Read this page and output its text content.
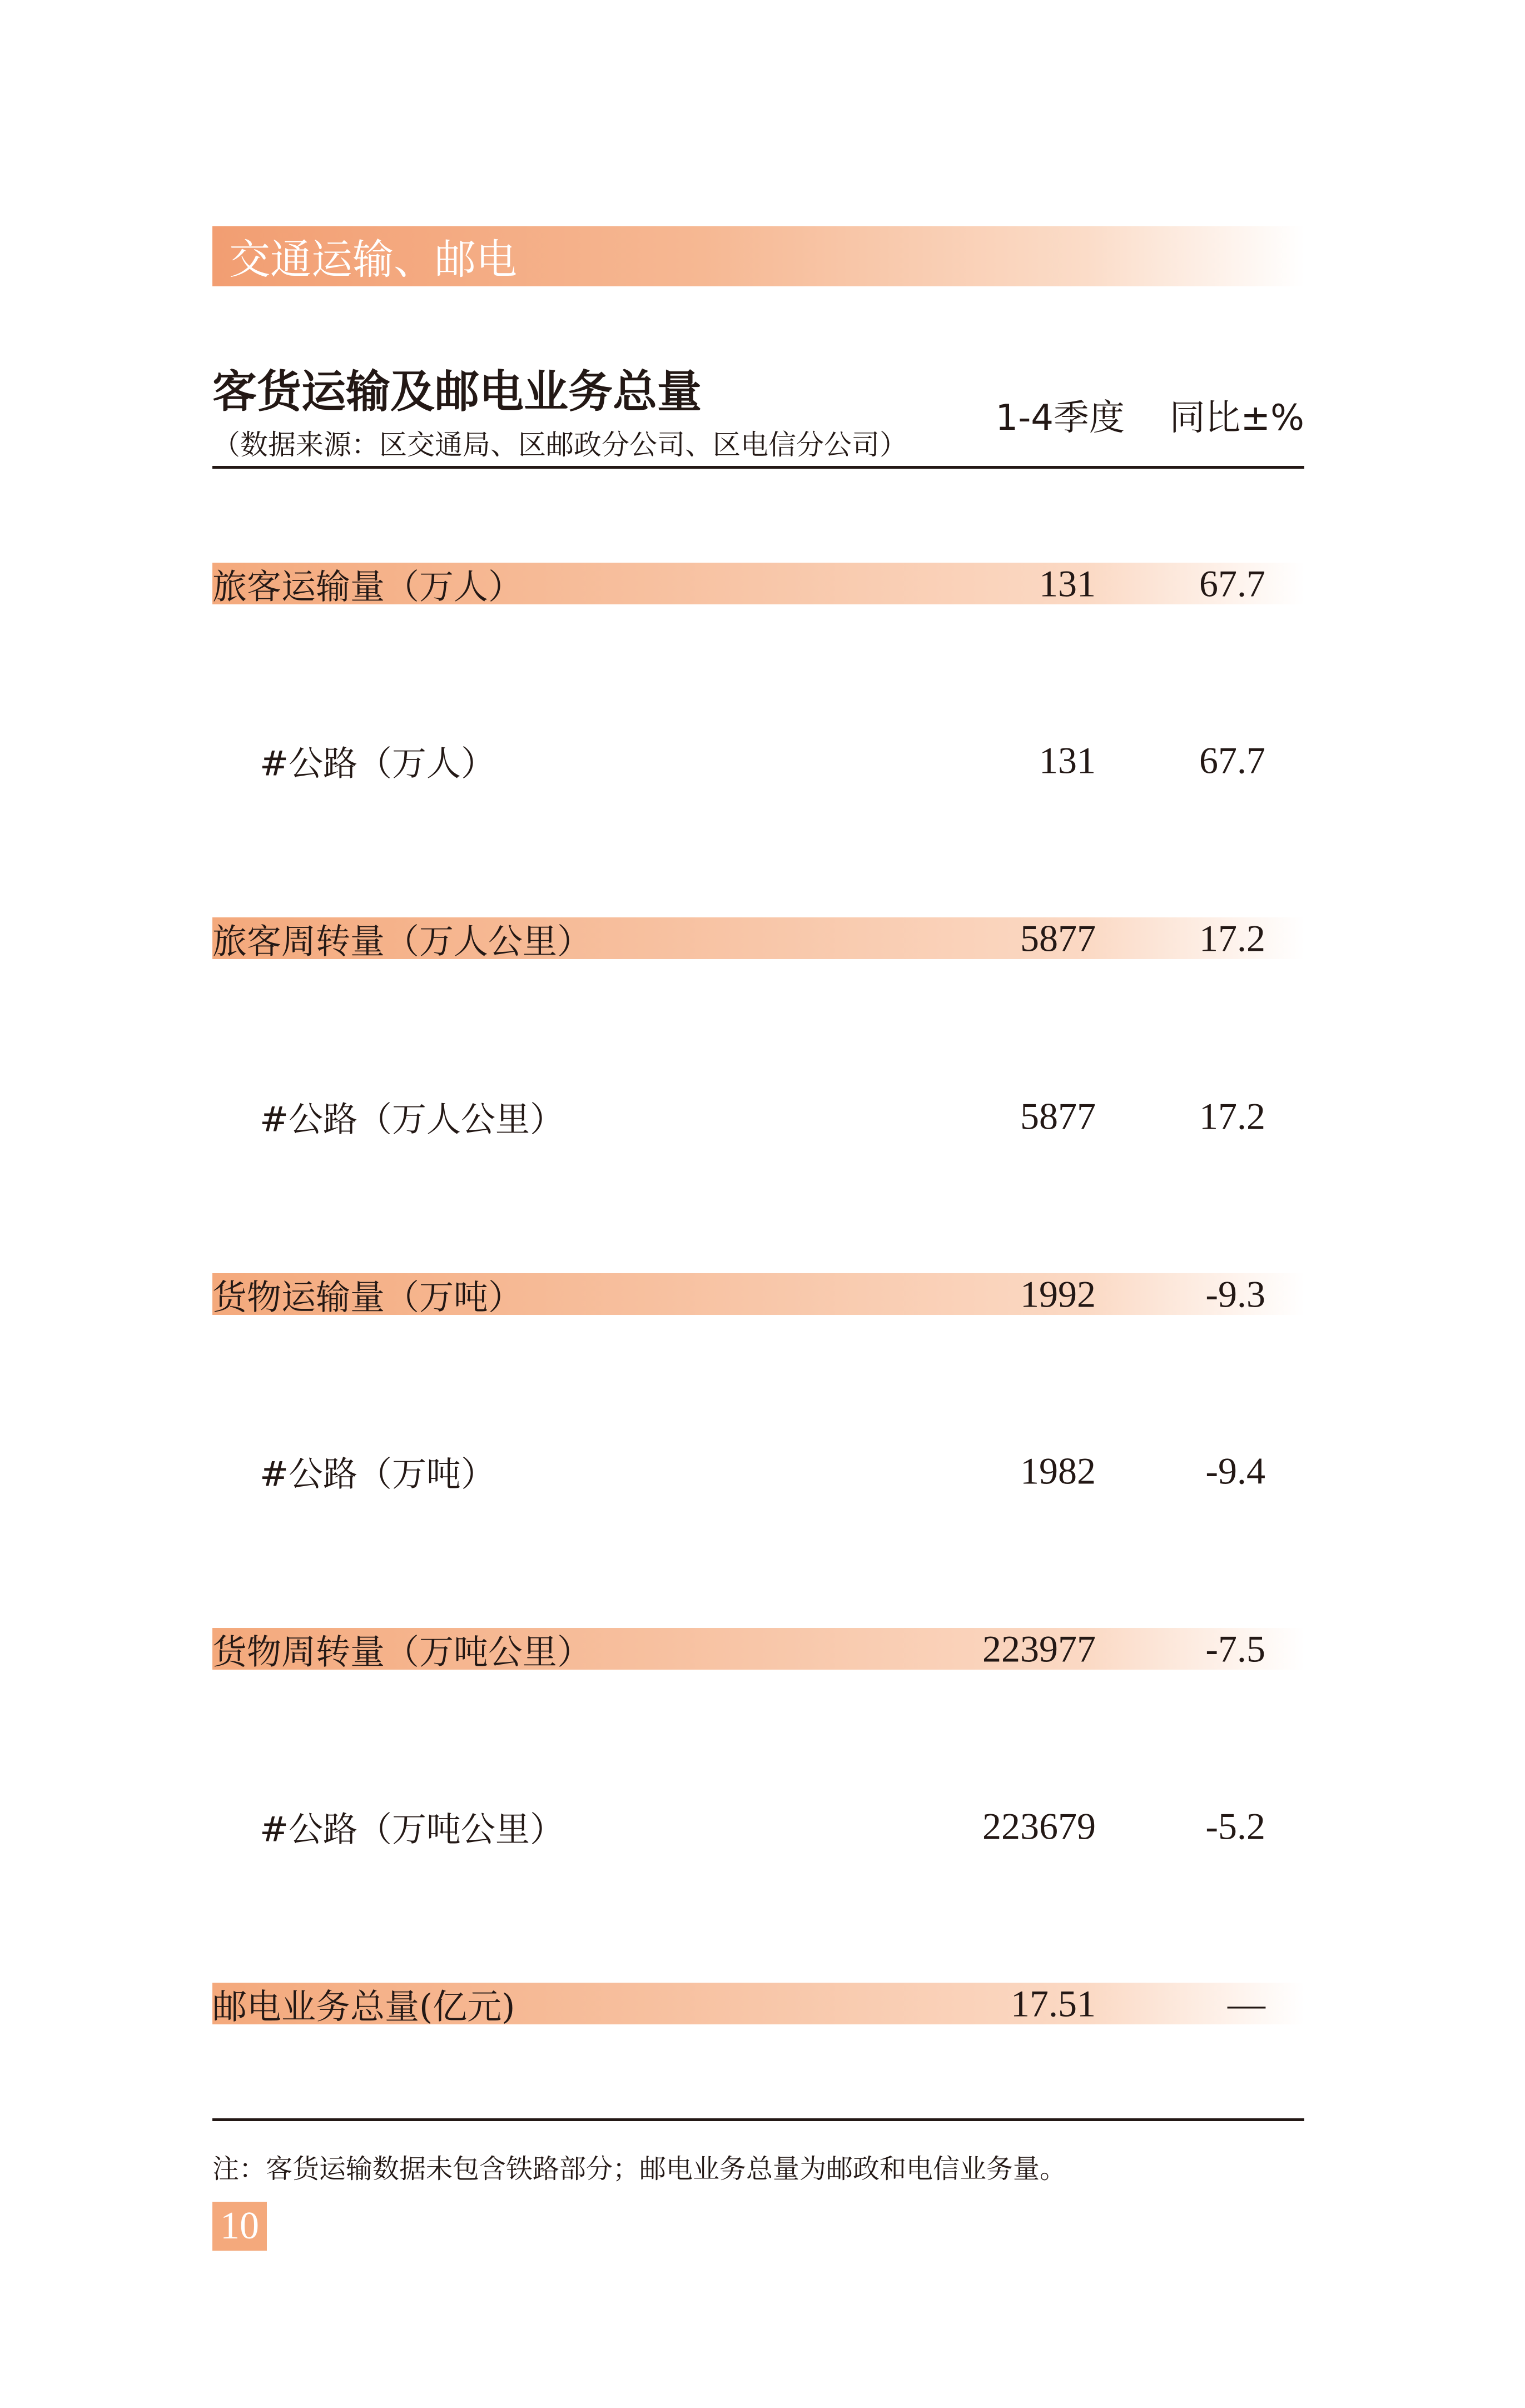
交通运输、邮电
客货运输及邮电业务总量
（数据来源：区交通局、区邮政分公司、区电信分公司）
1-4季度 同比±%
旅客运输量（万人）	131	67.7
#公路（万人）	131	67.7
旅客周转量（万人公里）	5877	17.2
#公路（万人公里）	5877	17.2
货物运输量（万吨）	1992	-9.3
#公路（万吨）	1982	-9.4
货物周转量（万吨公里）	223977	-7.5
#公路（万吨公里）	223679	-5.2
邮电业务总量(亿元)	17.51	—
注：客货运输数据未包含铁路部分；邮电业务总量为邮政和电信业务量。
10
